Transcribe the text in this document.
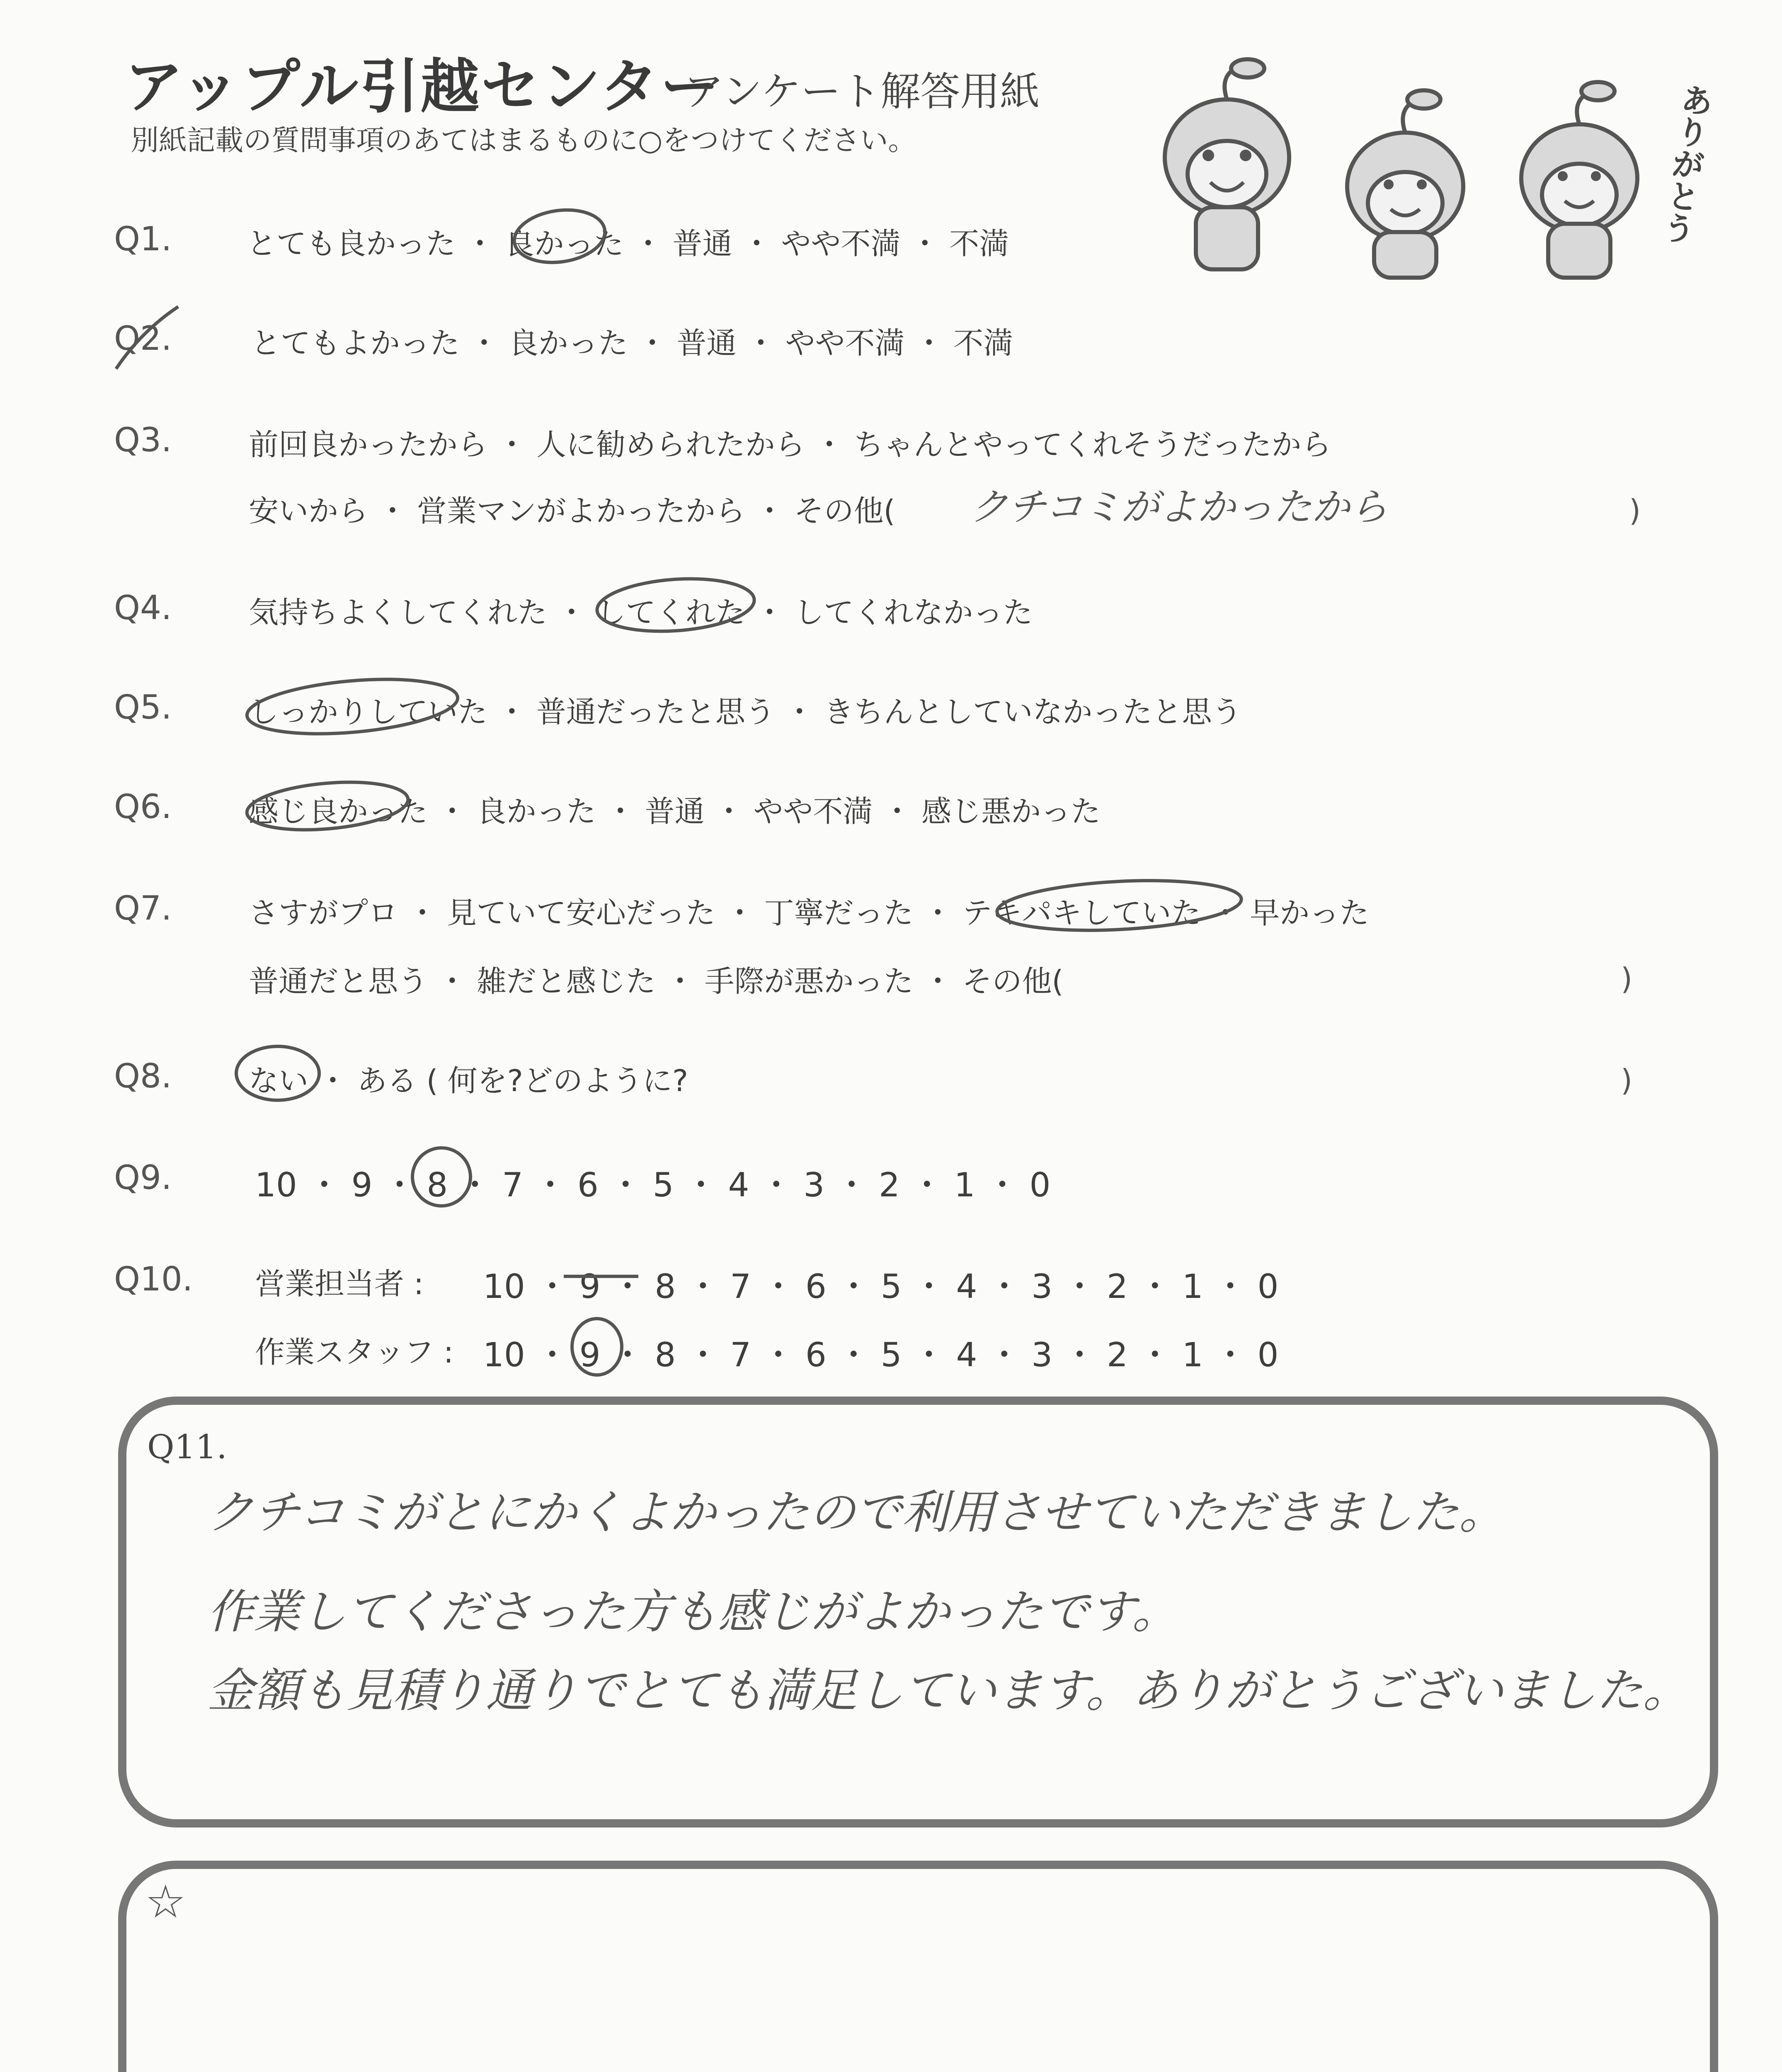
アップル引越センター
アンケート解答用紙
別紙記載の質問事項のあてはまるものに○をつけてください。	ありがとう
Q1.	とても良かった ・ 良かった ・ 普通 ・ やや不満 ・ 不満
Q2.	とてもよかった ・ 良かった ・ 普通 ・ やや不満 ・ 不満
Q3.	前回良かったから ・ 人に勧められたから ・ ちゃんとやってくれそうだったから
安いから ・ 営業マンがよかったから ・ その他( クチコミがよかったから	)
Q4.	気持ちよくしてくれた ・ してくれた ・ してくれなかった
Q5.	しっかりしていた ・ 普通だったと思う ・ きちんとしていなかったと思う
Q6.	感じ良かった ・ 良かった ・ 普通 ・ やや不満 ・ 感じ悪かった
Q7.	さすがプロ ・ 見ていて安心だった ・ 丁寧だった ・ テキパキしていた ・ 早かった
普通だと思う ・ 雑だと感じた ・ 手際が悪かった ・ その他(	)
Q8.	ない ・ ある ( 何を?どのように?	)
Q9.	10 ・ 9 ・ 8 ・ 7 ・ 6 ・ 5 ・ 4 ・ 3 ・ 2 ・ 1 ・ 0
Q10. 営業担当者 : 10 ・ 9 ・ 8 ・ 7 ・ 6 ・ 5 ・ 4 ・ 3 ・ 2 ・ 1 ・ 0
作業スタッフ : 10 ・ 9 ・ 8 ・ 7 ・ 6 ・ 5 ・ 4 ・ 3 ・ 2 ・ 1 ・ 0
Q11.
クチコミがとにかくよかったので利用させていただきました。
作業してくださった方も感じがよかったです。
金額も見積り通りでとても満足しています。ありがとうございました。
☆
